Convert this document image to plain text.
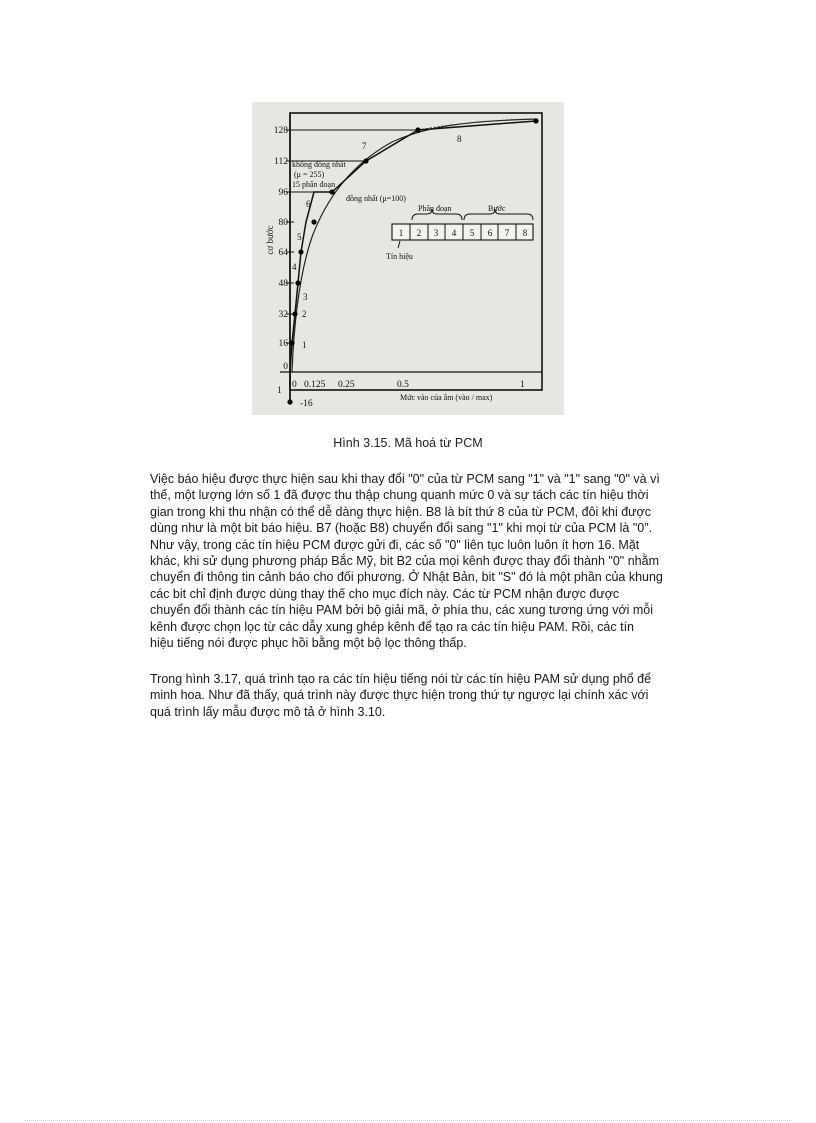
128
112
96
80
64
48
32
16
0
-16
1
cơ bước
0 0.125 0.25	0.5	1
Mức vào của âm (vào / max)
1
2
3
4
5
6
7
8
không đồng nhất
(μ = 255)
15 phân đoạn
đồng nhất (μ=100)
Phân đoạn	Bước
1 2 3 4 5 6 7 8
Tín hiệu
Hình 3.15. Mã hoá từ PCM
Việc báo hiệu được thực hiện sau khi thay đổi "0" của từ PCM sang "1" và "1" sang "0" và vì
thế, một lượng lớn số 1 đã được thu thập chung quanh mức 0 và sự tách các tín hiệu thời
gian trong khi thu nhận có thể dễ dàng thực hiện. B8 là bít thứ 8 của từ PCM, đôi khi được
dùng như là một bit báo hiệu. B7 (hoặc B8) chuyển đổi sang "1" khi mọi từ của PCM là "0".
Như vậy, trong các tín hiệu PCM được gửi đi, các số "0" liên tục luôn luôn ít hơn 16. Mặt
khác, khi sử dụng phương pháp Bắc Mỹ, bit B2 của mọi kênh được thay đổi thành "0" nhằm
chuyển đi thông tin cảnh báo cho đối phương. Ở Nhật Bản, bit "S" đó là một phần của khung
các bit chỉ định được dùng thay thế cho mục đích này. Các từ PCM nhận được được
chuyển đổi thành các tín hiệu PAM bởi bộ giải mã, ở phía thu, các xung tương ứng với mỗi
kênh được chọn lọc từ các dẫy xung ghép kênh để tạo ra các tín hiệu PAM. Rồi, các tín
hiệu tiếng nói được phục hồi bằng một bộ lọc thông thấp.
Trong hình 3.17, quá trình tạo ra các tín hiệu tiếng nói từ các tín hiệu PAM sử dụng phổ để
minh hoa. Như đã thấy, quá trình này được thực hiện trong thứ tự ngược lại chính xác với
quá trình lấy mẫu được mô tả ở hình 3.10.
